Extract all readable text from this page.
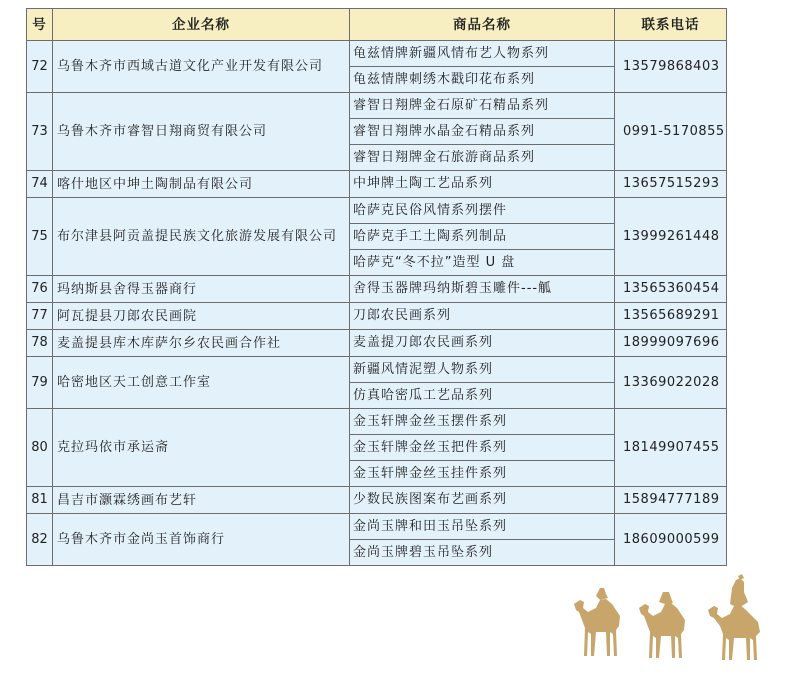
号	企业名称	商品名称	联系电话
72	乌鲁木齐市西域古道文化产业开发有限公司	龟兹情牌新疆风情布艺人物系列	13579868403
		龟兹情牌刺绣木戳印花布系列	
73	乌鲁木齐市睿智日翔商贸有限公司	睿智日翔牌金石原矿石精品系列	0991-5170855
		睿智日翔牌水晶金石精品系列	
		睿智日翔牌金石旅游商品系列	
74	喀什地区中坤土陶制品有限公司	中坤牌土陶工艺品系列	13657515293
75	布尔津县阿贡盖提民族文化旅游发展有限公司	哈萨克民俗风情系列摆件	13999261448
		哈萨克手工土陶系列制品	
		哈萨克“冬不拉”造型 U 盘	
76	玛纳斯县舍得玉器商行	舍得玉器牌玛纳斯碧玉雕件---觚	13565360454
77	阿瓦提县刀郎农民画院	刀郎农民画系列	13565689291
78	麦盖提县库木库萨尔乡农民画合作社	麦盖提刀郎农民画系列	18999097696
79	哈密地区天工创意工作室	新疆风情泥塑人物系列	13369022028
		仿真哈密瓜工艺品系列	
80	克拉玛依市承运斋	金玉轩牌金丝玉摆件系列	18149907455
		金玉轩牌金丝玉把件系列	
		金玉轩牌金丝玉挂件系列	
81	昌吉市灏霖绣画布艺轩	少数民族图案布艺画系列	15894777189
82	乌鲁木齐市金尚玉首饰商行	金尚玉牌和田玉吊坠系列	18609000599
		金尚玉牌碧玉吊坠系列	
